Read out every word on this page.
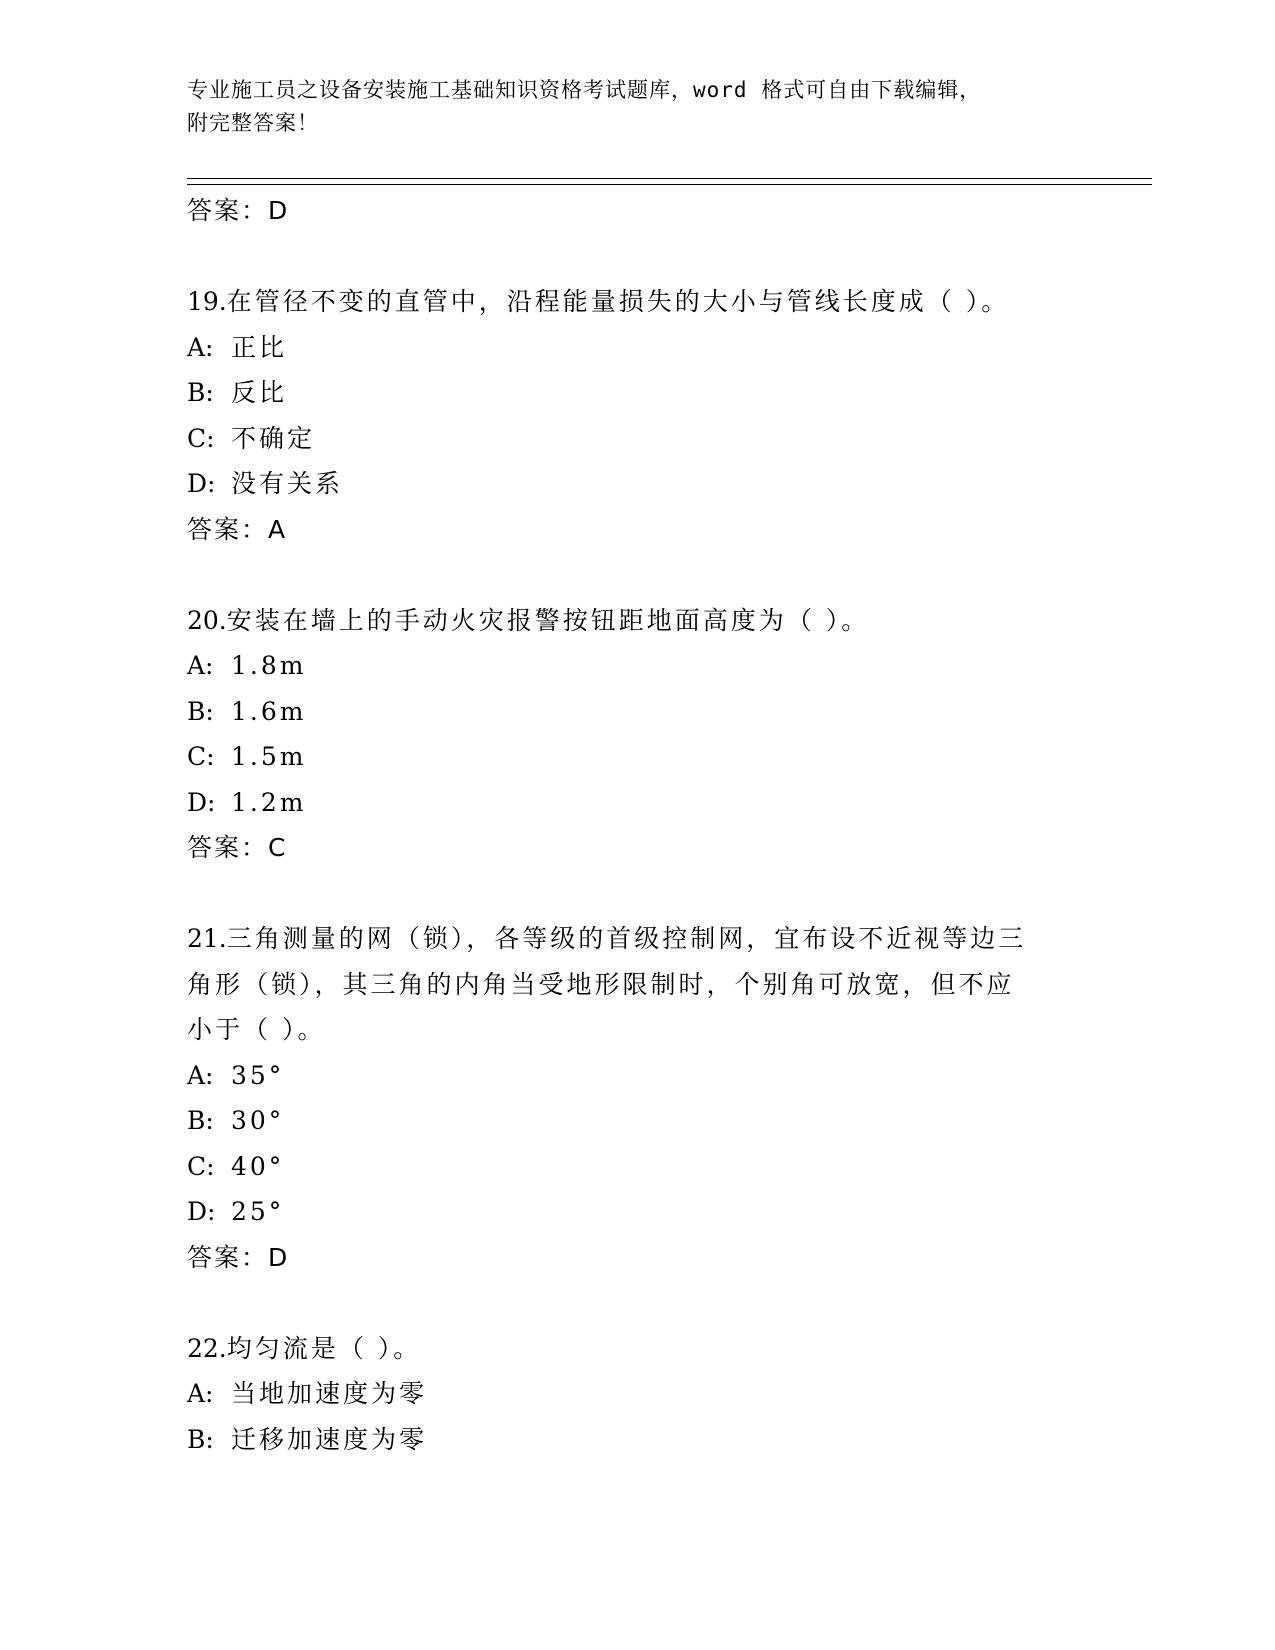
专业施工员之设备安装施工基础知识资格考试题库，word 格式可自由下载编辑，
附完整答案！
答案：D
19.在管径不变的直管中，沿程能量损失的大小与管线长度成（ ）。
A: 正比
B: 反比
C: 不确定
D: 没有关系
答案：A
20.安装在墙上的手动火灾报警按钮距地面高度为（ ）。
A: 1.8m
B: 1.6m
C: 1.5m
D: 1.2m
答案：C
21.三角测量的网（锁），各等级的首级控制网，宜布设不近视等边三
角形（锁），其三角的内角当受地形限制时，个别角可放宽，但不应
小于（ ）。
A: 35°
B: 30°
C: 40°
D: 25°
答案：D
22.均匀流是（ ）。
A: 当地加速度为零
B: 迁移加速度为零
